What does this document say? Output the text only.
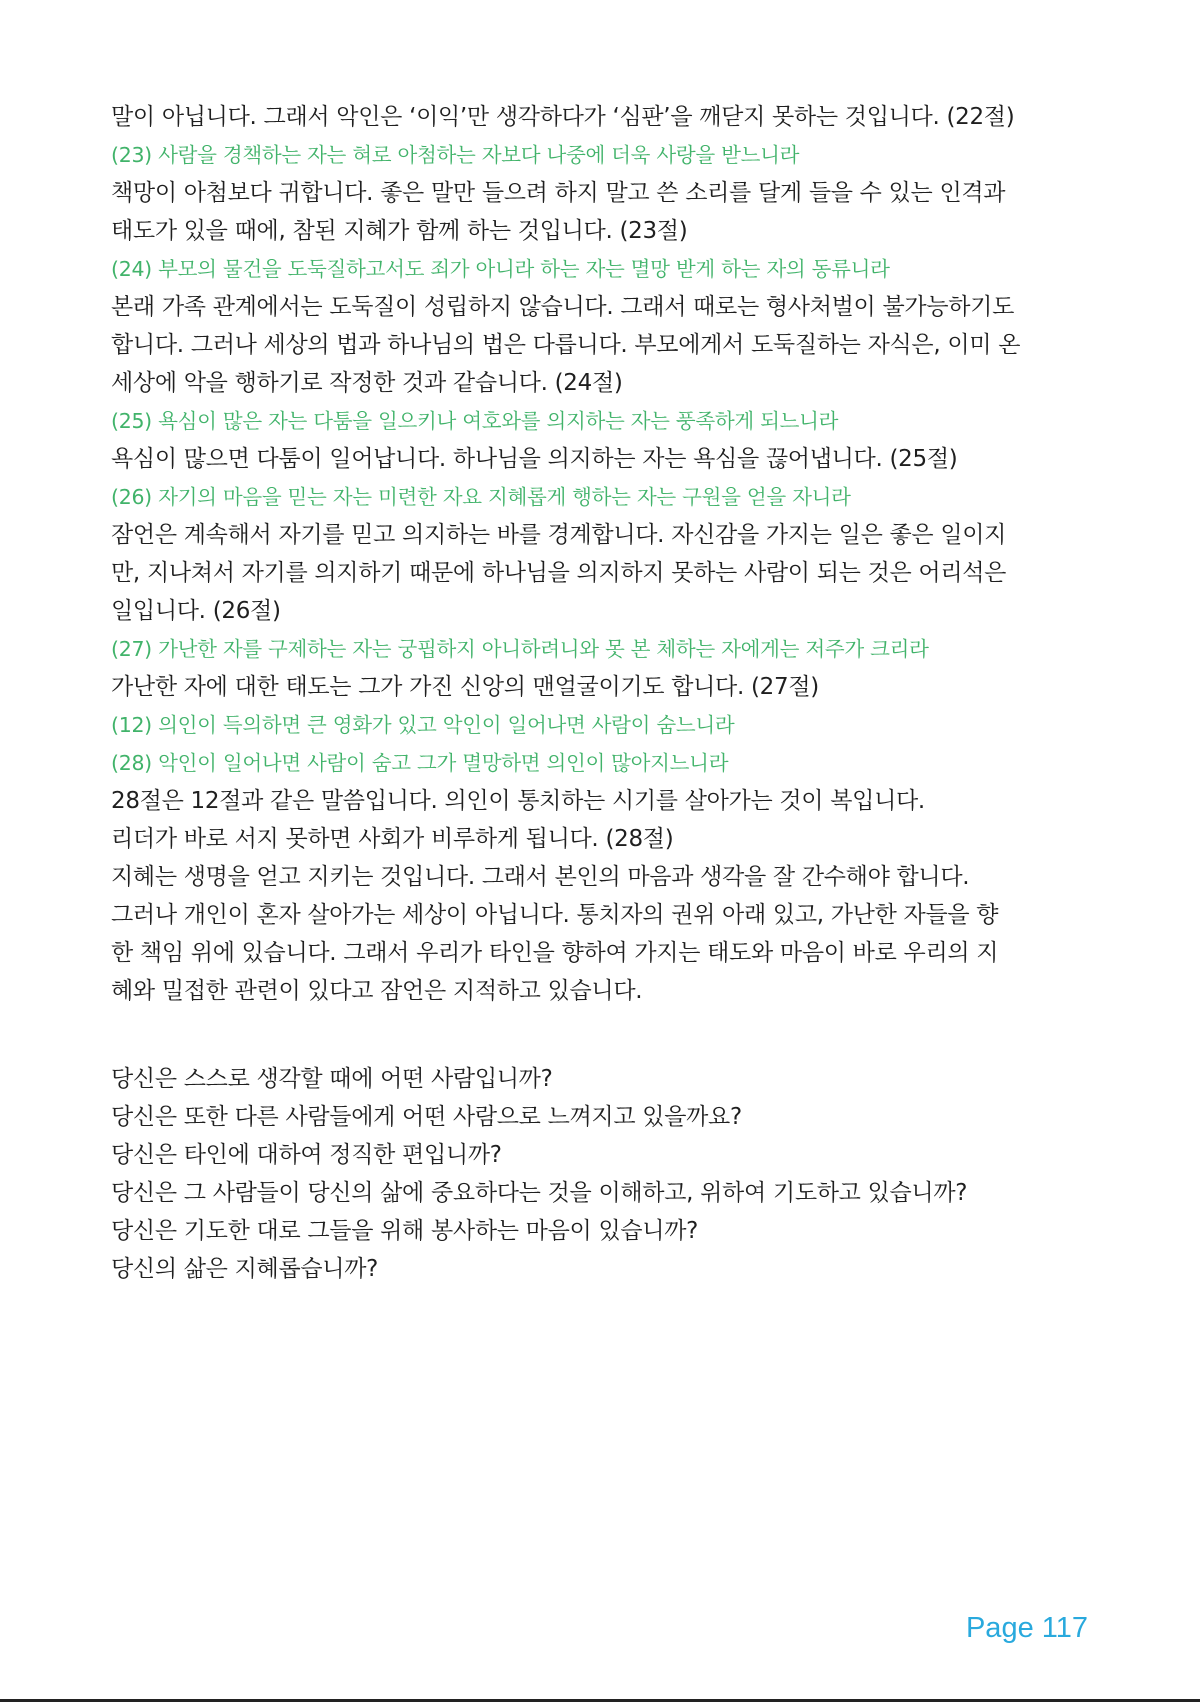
말이 아닙니다. 그래서 악인은 ‘이익’만 생각하다가 ‘심판’을 깨닫지 못하는 것입니다. (22절)
(23) 사람을 경책하는 자는 혀로 아첨하는 자보다 나중에 더욱 사랑을 받느니라
책망이 아첨보다 귀합니다. 좋은 말만 들으려 하지 말고 쓴 소리를 달게 들을 수 있는 인격과
태도가 있을 때에, 참된 지혜가 함께 하는 것입니다. (23절)
(24) 부모의 물건을 도둑질하고서도 죄가 아니라 하는 자는 멸망 받게 하는 자의 동류니라
본래 가족 관계에서는 도둑질이 성립하지 않습니다. 그래서 때로는 형사처벌이 불가능하기도
합니다. 그러나 세상의 법과 하나님의 법은 다릅니다. 부모에게서 도둑질하는 자식은, 이미 온
세상에 악을 행하기로 작정한 것과 같습니다. (24절)
(25) 욕심이 많은 자는 다툼을 일으키나 여호와를 의지하는 자는 풍족하게 되느니라
욕심이 많으면 다툼이 일어납니다. 하나님을 의지하는 자는 욕심을 끊어냅니다. (25절)
(26) 자기의 마음을 믿는 자는 미련한 자요 지혜롭게 행하는 자는 구원을 얻을 자니라
잠언은 계속해서 자기를 믿고 의지하는 바를 경계합니다. 자신감을 가지는 일은 좋은 일이지
만, 지나쳐서 자기를 의지하기 때문에 하나님을 의지하지 못하는 사람이 되는 것은 어리석은
일입니다. (26절)
(27) 가난한 자를 구제하는 자는 궁핍하지 아니하려니와 못 본 체하는 자에게는 저주가 크리라
가난한 자에 대한 태도는 그가 가진 신앙의 맨얼굴이기도 합니다. (27절)
(12) 의인이 득의하면 큰 영화가 있고 악인이 일어나면 사람이 숨느니라
(28) 악인이 일어나면 사람이 숨고 그가 멸망하면 의인이 많아지느니라
28절은 12절과 같은 말씀입니다. 의인이 통치하는 시기를 살아가는 것이 복입니다.
리더가 바로 서지 못하면 사회가 비루하게 됩니다. (28절)
지혜는 생명을 얻고 지키는 것입니다. 그래서 본인의 마음과 생각을 잘 간수해야 합니다.
그러나 개인이 혼자 살아가는 세상이 아닙니다. 통치자의 권위 아래 있고, 가난한 자들을 향
한 책임 위에 있습니다. 그래서 우리가 타인을 향하여 가지는 태도와 마음이 바로 우리의 지
혜와 밀접한 관련이 있다고 잠언은 지적하고 있습니다.
당신은 스스로 생각할 때에 어떤 사람입니까?
당신은 또한 다른 사람들에게 어떤 사람으로 느껴지고 있을까요?
당신은 타인에 대하여 정직한 편입니까?
당신은 그 사람들이 당신의 삶에 중요하다는 것을 이해하고, 위하여 기도하고 있습니까?
당신은 기도한 대로 그들을 위해 봉사하는 마음이 있습니까?
당신의 삶은 지혜롭습니까?
Page 117
